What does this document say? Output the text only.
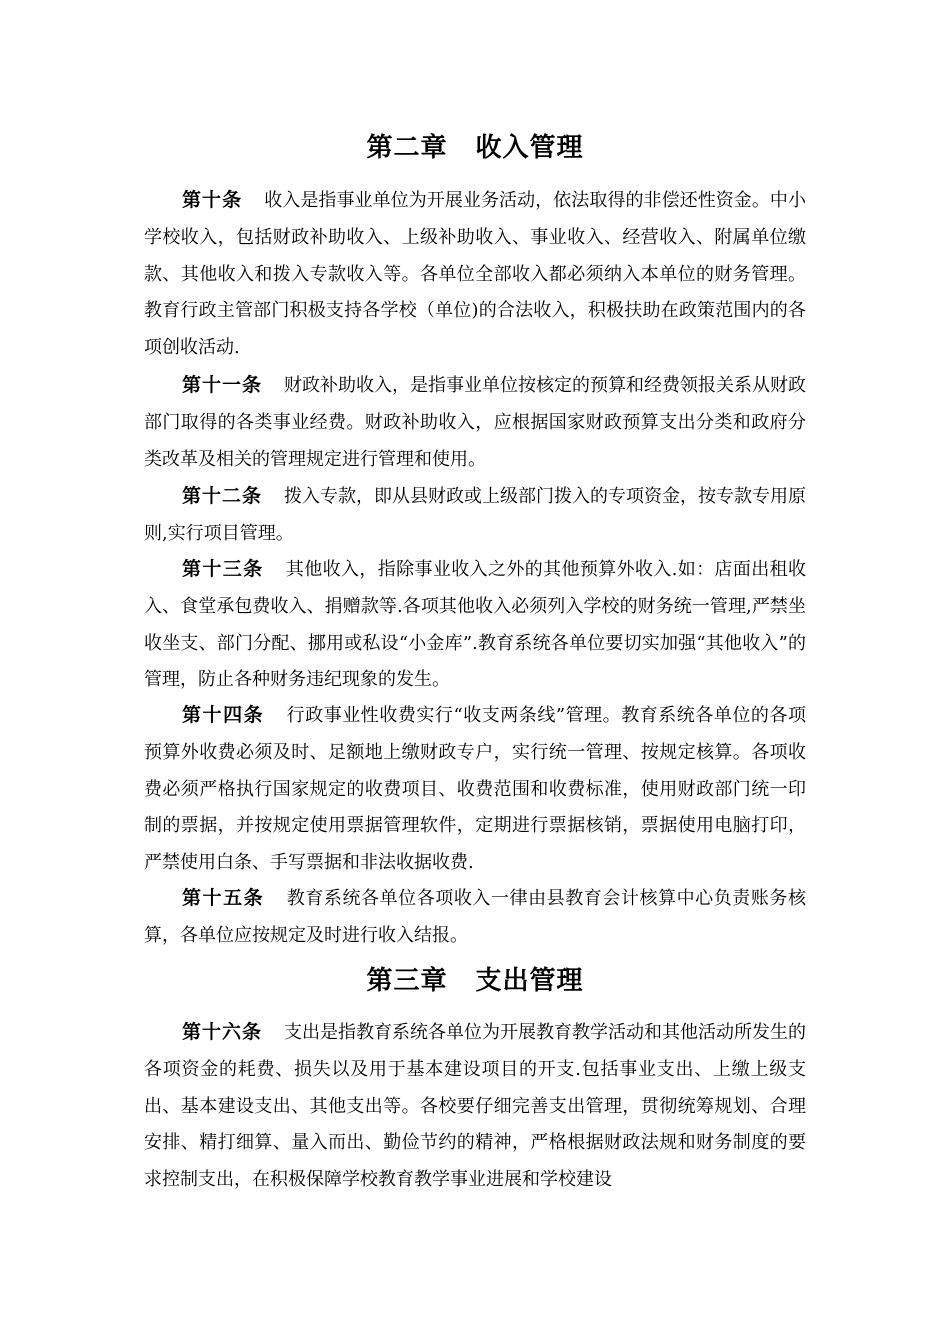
第二章 收入管理

第十条 收入是指事业单位为开展业务活动，依法取得的非偿还性资金。中小学校收入，包括财政补助收入、上级补助收入、事业收入、经营收入、附属单位缴款、其他收入和拨入专款收入等。各单位全部收入都必须纳入本单位的财务管理。教育行政主管部门积极支持各学校（单位)的合法收入，积极扶助在政策范围内的各项创收活动.

第十一条 财政补助收入，是指事业单位按核定的预算和经费领报关系从财政部门取得的各类事业经费。财政补助收入，应根据国家财政预算支出分类和政府分类改革及相关的管理规定进行管理和使用。

第十二条 拨入专款，即从县财政或上级部门拨入的专项资金，按专款专用原则,实行项目管理。

第十三条 其他收入，指除事业收入之外的其他预算外收入.如：店面出租收入、食堂承包费收入、捐赠款等.各项其他收入必须列入学校的财务统一管理,严禁坐收坐支、部门分配、挪用或私设“小金库”.教育系统各单位要切实加强“其他收入”的管理，防止各种财务违纪现象的发生。

第十四条 行政事业性收费实行“收支两条线”管理。教育系统各单位的各项预算外收费必须及时、足额地上缴财政专户，实行统一管理、按规定核算。各项收费必须严格执行国家规定的收费项目、收费范围和收费标准，使用财政部门统一印制的票据，并按规定使用票据管理软件，定期进行票据核销，票据使用电脑打印，严禁使用白条、手写票据和非法收据收费.

第十五条 教育系统各单位各项收入一律由县教育会计核算中心负责账务核算，各单位应按规定及时进行收入结报。

第三章 支出管理

第十六条 支出是指教育系统各单位为开展教育教学活动和其他活动所发生的各项资金的耗费、损失以及用于基本建设项目的开支.包括事业支出、上缴上级支出、基本建设支出、其他支出等。各校要仔细完善支出管理，贯彻统筹规划、合理安排、精打细算、量入而出、勤俭节约的精神，严格根据财政法规和财务制度的要求控制支出，在积极保障学校教育教学事业进展和学校建设
